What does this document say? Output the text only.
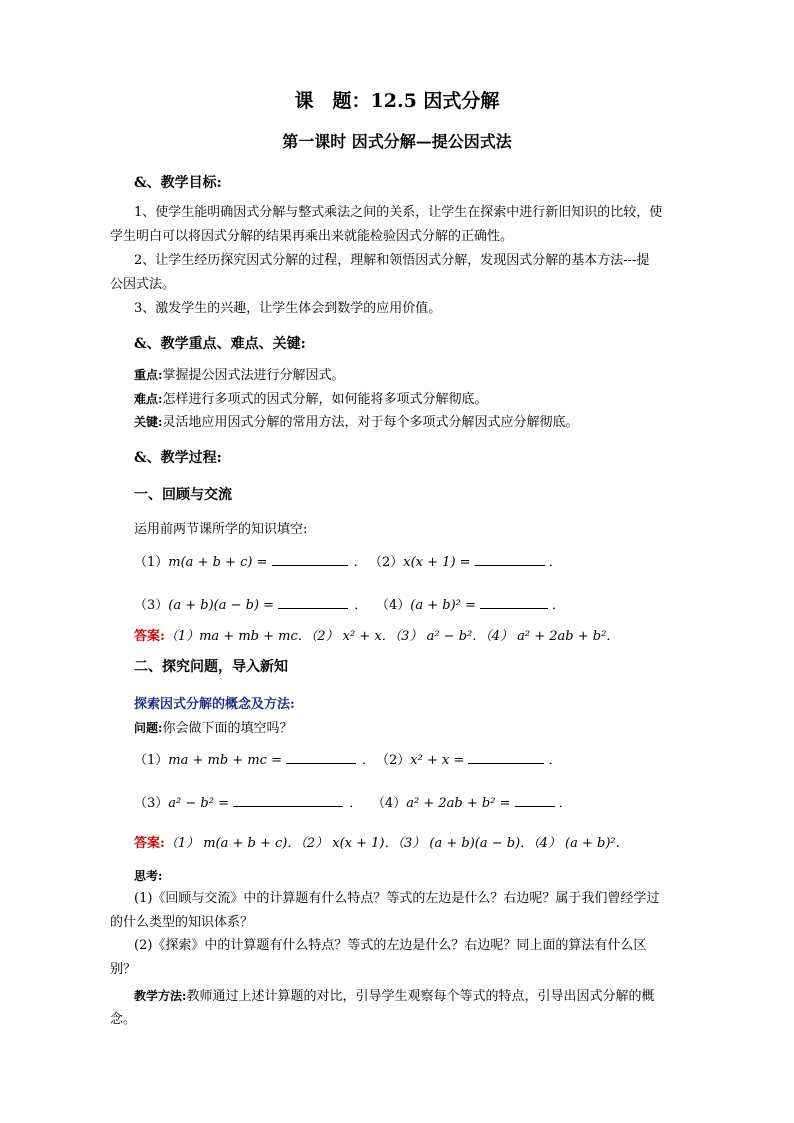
课　题：12.5 因式分解
第一课时 因式分解—提公因式法
&、教学目标:
1、使学生能明确因式分解与整式乘法之间的关系，让学生在探索中进行新旧知识的比较，使
学生明白可以将因式分解的结果再乘出来就能检验因式分解的正确性。
2、让学生经历探究因式分解的过程，理解和领悟因式分解，发现因式分解的基本方法---提
公因式法。
3、激发学生的兴趣，让学生体会到数学的应用价值。
&、教学重点、难点、关键:
重点:掌握提公因式法进行分解因式。
难点:怎样进行多项式的因式分解，如何能将多项式分解彻底。
关键:灵活地应用因式分解的常用方法，对于每个多项式分解因式应分解彻底。
&、教学过程:
一、回顾与交流
运用前两节课所学的知识填空:
（1）m(a + b + c) =	． （2）x(x + 1) =	．
（3）(a + b)(a − b) =	． （4）(a + b)² =	．
答案:（1）ma + mb + mc．（2） x² + x．（3） a² − b²．（4） a² + 2ab + b²．
二、探究问题，导入新知
探索因式分解的概念及方法:
问题:你会做下面的填空吗？
（1）ma + mb + mc =	． （2）x² + x =	．
（3）a² − b² =	． （4）a² + 2ab + b² =	．
答案:（1） m(a + b + c)．（2） x(x + 1)．（3） (a + b)(a − b)．（4） (a + b)².
思考:
(1)《回顾与交流》中的计算题有什么特点？等式的左边是什么？右边呢？属于我们曾经学过
的什么类型的知识体系？
(2)《探索》中的计算题有什么特点？等式的左边是什么？右边呢？同上面的算法有什么区
别？
教学方法:教师通过上述计算题的对比，引导学生观察每个等式的特点，引导出因式分解的概
念。
